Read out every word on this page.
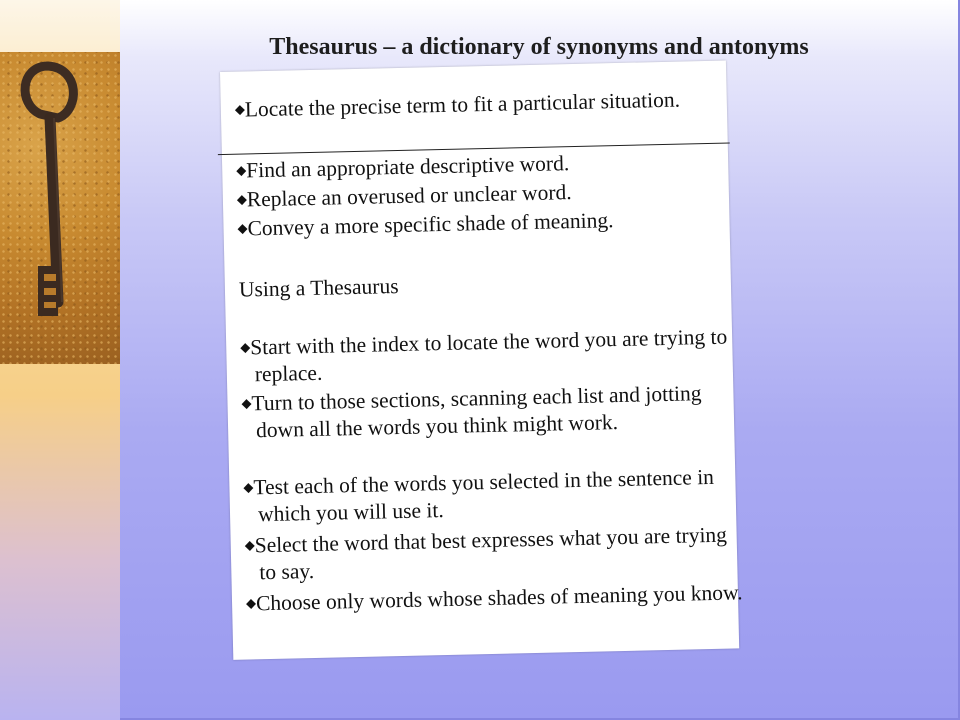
Thesaurus – a dictionary of synonyms and antonyms
◆Locate the precise term to fit a particular situation.
◆Find an appropriate descriptive word.
◆Replace an overused or unclear word.
◆Convey a more specific shade of meaning.
Using a Thesaurus
◆Start with the index to locate the word you are trying to replace.
◆Turn to those sections, scanning each list and jotting down all the words you think might work.
◆Test each of the words you selected in the sentence in which you will use it.
◆Select the word that best expresses what you are trying to say.
◆Choose only words whose shades of meaning you know.
